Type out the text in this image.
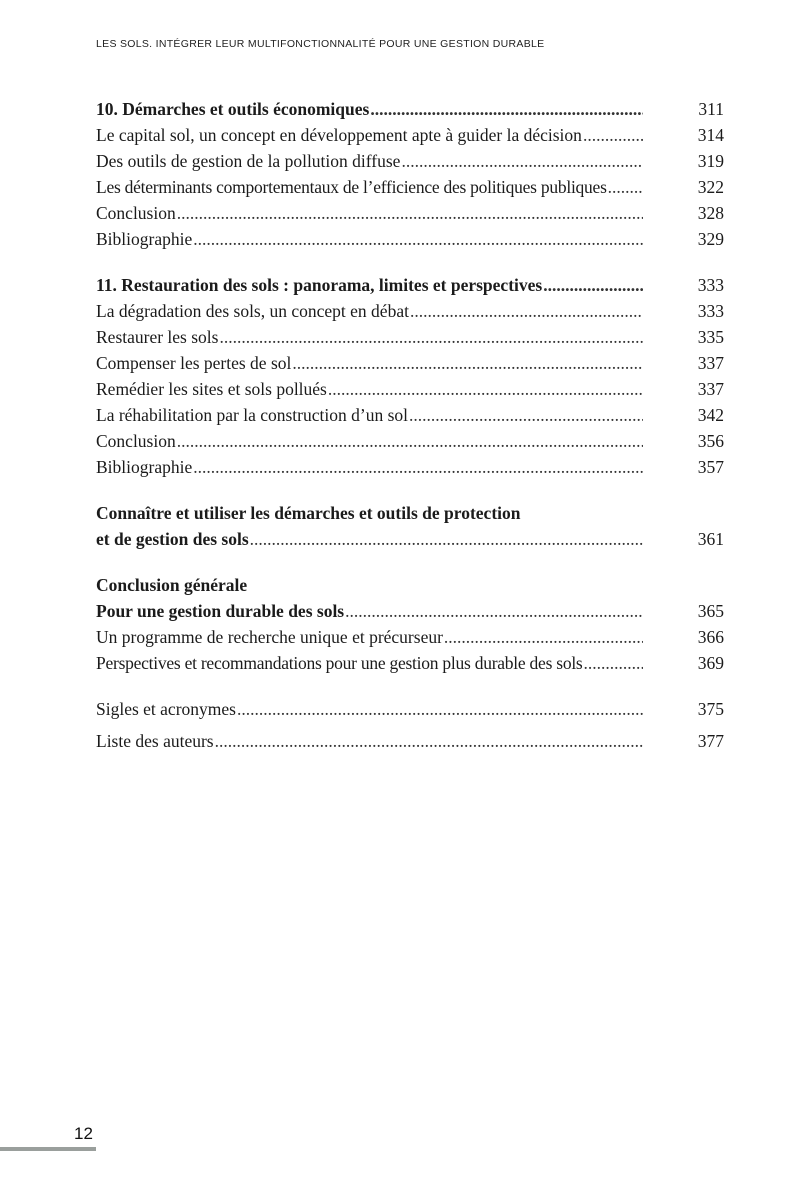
LES SOLS. INTÉGRER LEUR MULTIFONCTIONNALITÉ POUR UNE GESTION DURABLE
10. Démarches et outils économiques .....	311
Le capital sol, un concept en développement apte à guider la décision .....	314
Des outils de gestion de la pollution diffuse .....	319
Les déterminants comportementaux de l’efficience des politiques publiques .....	322
Conclusion .....	328
Bibliographie .....	329
11. Restauration des sols : panorama, limites et perspectives .....	333
La dégradation des sols, un concept en débat .....	333
Restaurer les sols .....	335
Compenser les pertes de sol .....	337
Remédier les sites et sols pollués .....	337
La réhabilitation par la construction d’un sol .....	342
Conclusion .....	356
Bibliographie .....	357
Connaître et utiliser les démarches et outils de protection
et de gestion des sols .....	361
Conclusion générale
Pour une gestion durable des sols .....	365
Un programme de recherche unique et précurseur .....	366
Perspectives et recommandations pour une gestion plus durable des sols .....	369
Sigles et acronymes .....	375
Liste des auteurs .....	377
12
